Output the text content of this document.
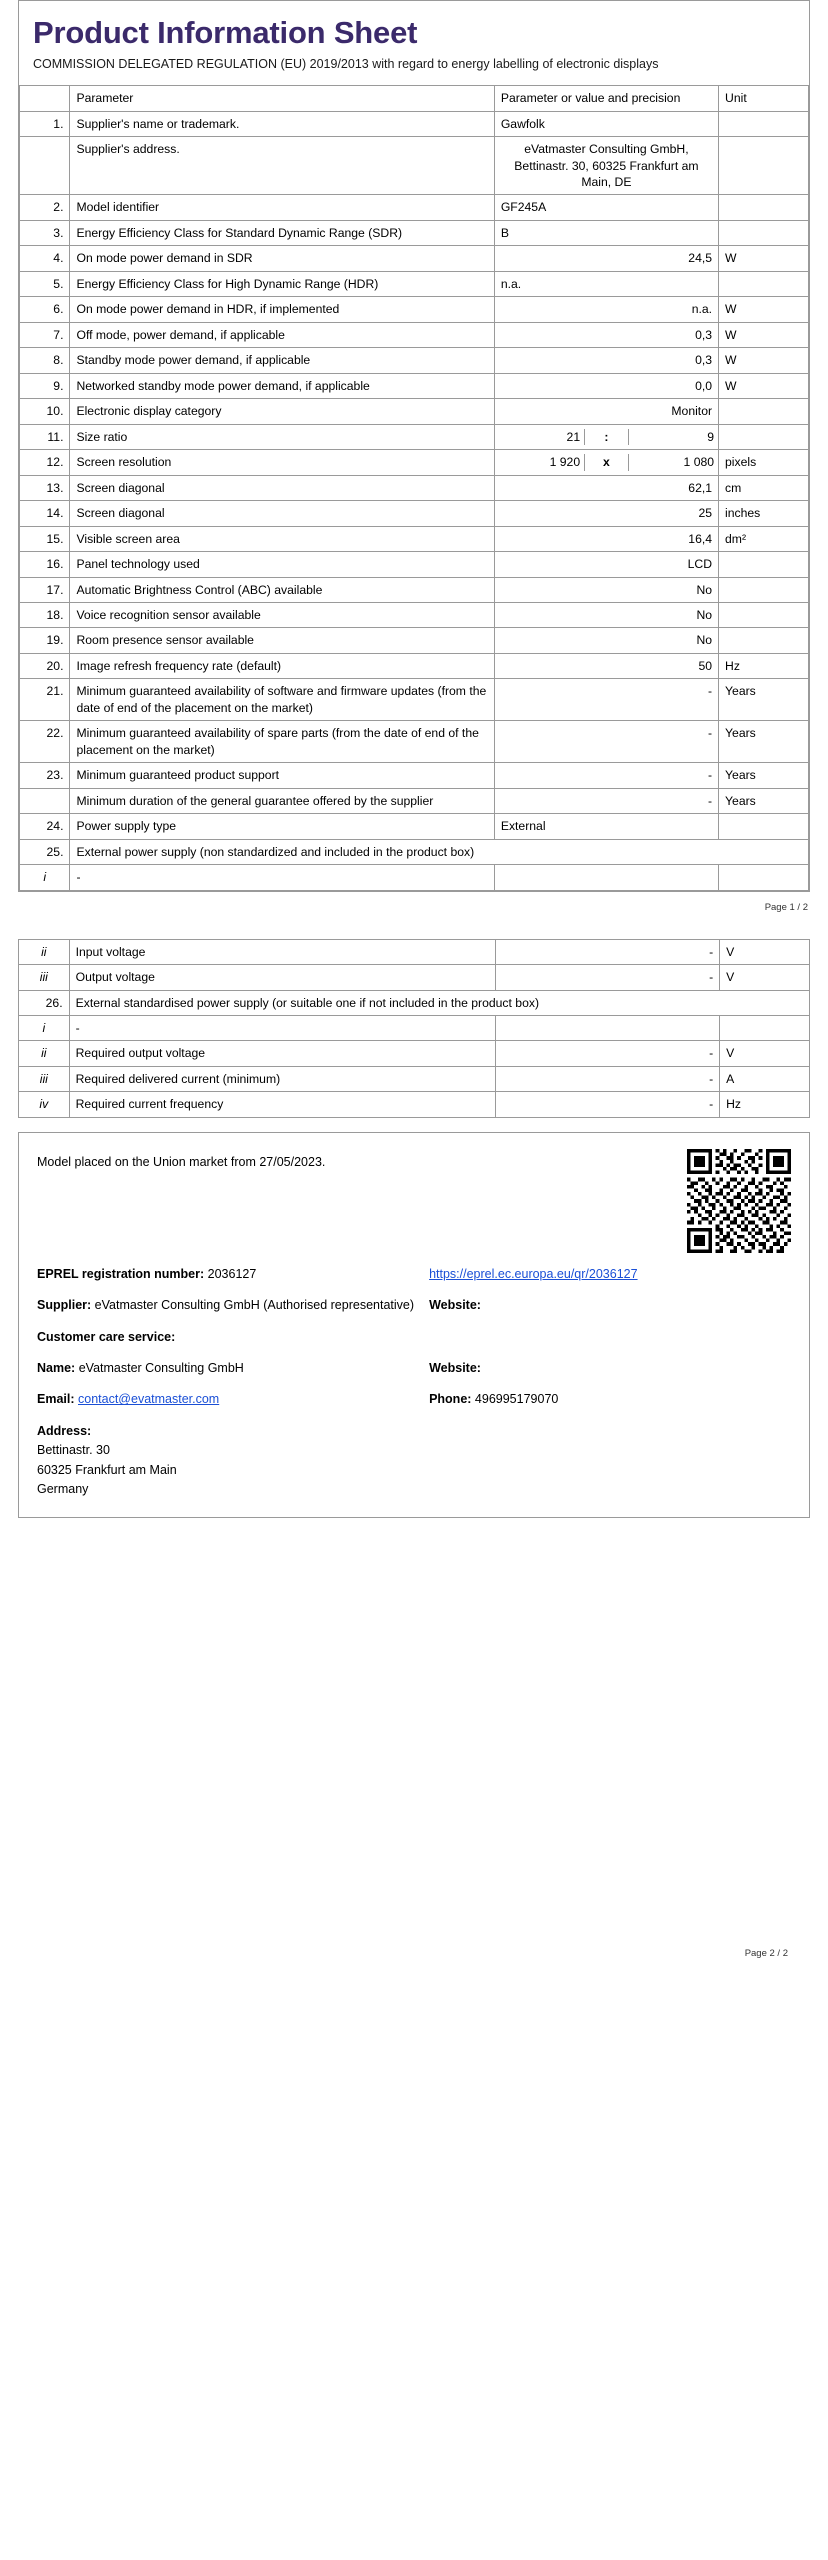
Product Information Sheet
COMMISSION DELEGATED REGULATION (EU) 2019/2013 with regard to energy labelling of electronic displays
	Parameter	Parameter or value and precision	Unit
1.	Supplier's name or trademark.	Gawfolk	
	Supplier's address.	eVatmaster Consulting GmbH, Bettinastr. 30, 60325 Frankfurt am Main, DE	
2.	Model identifier	GF245A	
3.	Energy Efficiency Class for Standard Dynamic Range (SDR)	B	
4.	On mode power demand in SDR	24,5	W
5.	Energy Efficiency Class for High Dynamic Range (HDR)	n.a.	
6.	On mode power demand in HDR, if implemented	n.a.	W
7.	Off mode, power demand, if applicable	0,3	W
8.	Standby mode power demand, if applicable	0,3	W
9.	Networked standby mode power demand, if applicable	0,0	W
10.	Electronic display category	Monitor	
11.	Size ratio	21 : 9	

12.	Screen resolution	1 920 x 1 080	pixels
13.	Screen diagonal	62,1	cm
14.	Screen diagonal	25	inches
15.	Visible screen area	16,4	dm²
16.	Panel technology used	LCD	
17.	Automatic Brightness Control (ABC) available	No	
18.	Voice recognition sensor available	No	
19.	Room presence sensor available	No	
20.	Image refresh frequency rate (default)	50	Hz
21.	Minimum guaranteed availability of software and firmware updates (from the date of end of the placement on the market)	-	Years
22.	Minimum guaranteed availability of spare parts (from the date of end of the placement on the market)	-	Years
23.	Minimum guaranteed product support	-	Years
	Minimum duration of the general guarantee offered by the supplier	-	Years
24.	Power supply type	External	
25.	External power supply (non standardized and included in the product box)		
i	-		
Page 1 / 2
ii	Input voltage	-	V
iii	Output voltage	-	V
26.	External standardised power supply (or suitable one if not included in the product box)		
i	-		
ii	Required output voltage	-	V
iii	Required delivered current (minimum)	-	A
iv	Required current frequency	-	Hz
Model placed on the Union market from 27/05/2023.
EPREL registration number: 2036127	https://eprel.ec.europa.eu/qr/2036127
Supplier: eVatmaster Consulting GmbH (Authorised representative)	Website:
Customer care service:
Name: eVatmaster Consulting GmbH	Website:
Email: contact@evatmaster.com	Phone: 496995179070
Address:
Bettinastr. 30
60325 Frankfurt am Main
Germany
Page 2 / 2
